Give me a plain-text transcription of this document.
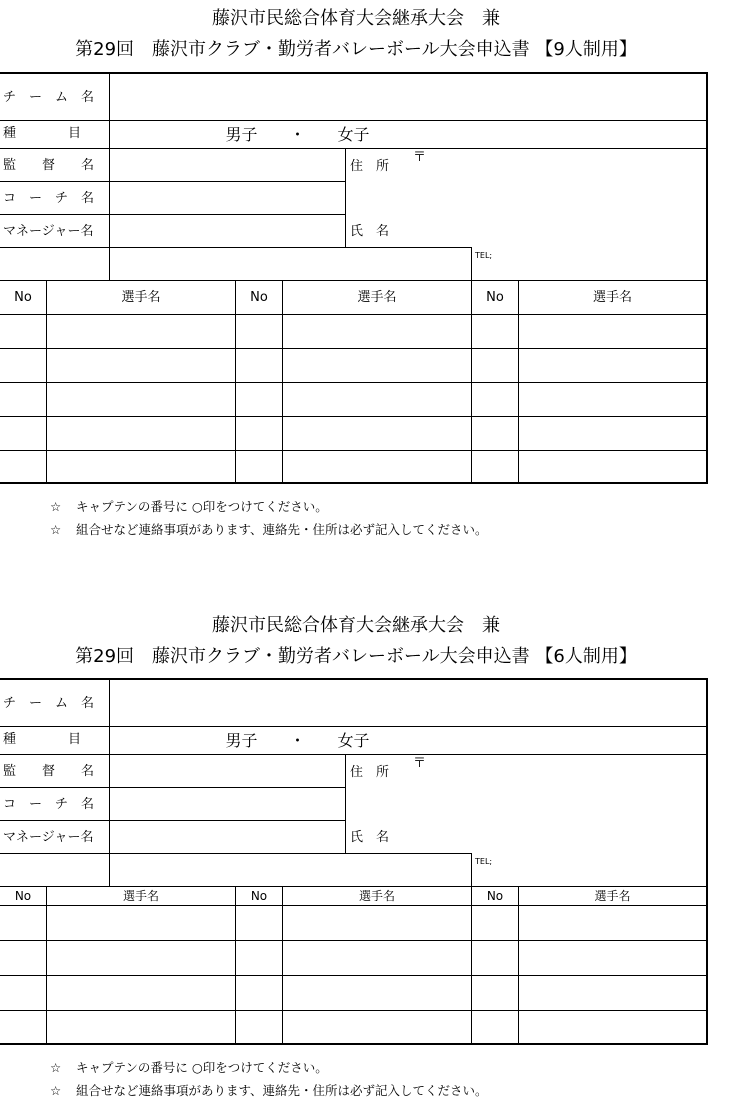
藤沢市民総合体育大会継承大会　兼
第29回　藤沢市クラブ・勤労者バレーボール大会申込書 【9人制用】
チ　ー　ム　名
種　　　　目	男子　　・　　女子
監　　督　　名
コ　ー　チ　名
マネージャー名
住　所
〒
氏　名
TEL;
No	選手名	No	選手名	No	選手名
☆ キャプテンの番号に ○印をつけてください。
☆ 組合せなど連絡事項があります、連絡先・住所は必ず記入してください。
藤沢市民総合体育大会継承大会　兼
第29回　藤沢市クラブ・勤労者バレーボール大会申込書 【6人制用】
チ　ー　ム　名
種　　　　目	男子　　・　　女子
監　　督　　名
コ　ー　チ　名
マネージャー名
住　所
〒
氏　名
TEL;
No	選手名	No	選手名	No	選手名
☆ キャプテンの番号に ○印をつけてください。
☆ 組合せなど連絡事項があります、連絡先・住所は必ず記入してください。
